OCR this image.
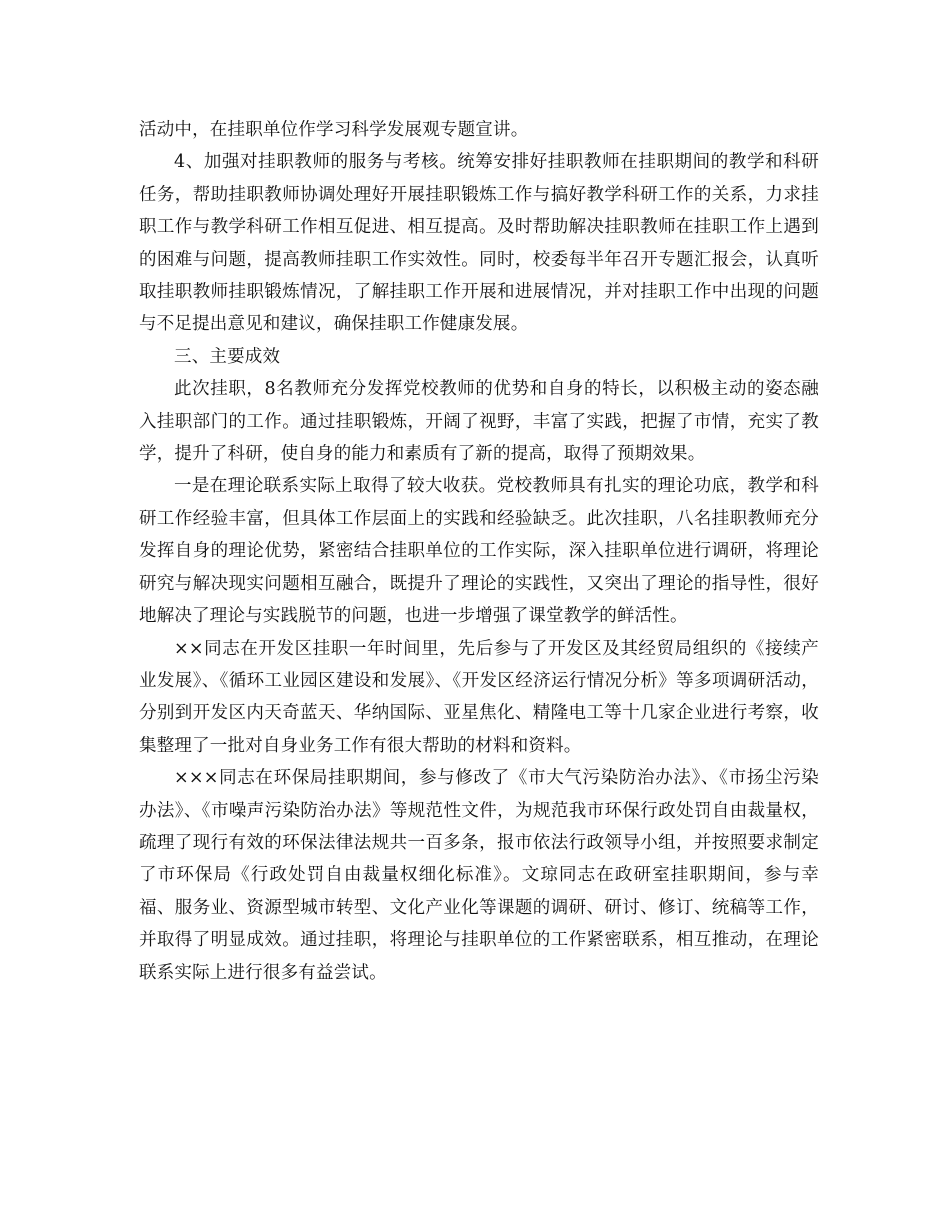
活动中，在挂职单位作学习科学发展观专题宣讲。

4、加强对挂职教师的服务与考核。统筹安排好挂职教师在挂职期间的教学和科研任务，帮助挂职教师协调处理好开展挂职锻炼工作与搞好教学科研工作的关系，力求挂职工作与教学科研工作相互促进、相互提高。及时帮助解决挂职教师在挂职工作上遇到的困难与问题，提高教师挂职工作实效性。同时，校委每半年召开专题汇报会，认真听取挂职教师挂职锻炼情况，了解挂职工作开展和进展情况，并对挂职工作中出现的问题与不足提出意见和建议，确保挂职工作健康发展。

三、主要成效

此次挂职，8名教师充分发挥党校教师的优势和自身的特长，以积极主动的姿态融入挂职部门的工作。通过挂职锻炼，开阔了视野，丰富了实践，把握了市情，充实了教学，提升了科研，使自身的能力和素质有了新的提高，取得了预期效果。

一是在理论联系实际上取得了较大收获。党校教师具有扎实的理论功底，教学和科研工作经验丰富，但具体工作层面上的实践和经验缺乏。此次挂职，八名挂职教师充分发挥自身的理论优势，紧密结合挂职单位的工作实际，深入挂职单位进行调研，将理论研究与解决现实问题相互融合，既提升了理论的实践性，又突出了理论的指导性，很好地解决了理论与实践脱节的问题，也进一步增强了课堂教学的鲜活性。

××同志在开发区挂职一年时间里，先后参与了开发区及其经贸局组织的《接续产业发展》、《循环工业园区建设和发展》、《开发区经济运行情况分析》等多项调研活动，分别到开发区内天奇蓝天、华纳国际、亚星焦化、精隆电工等十几家企业进行考察，收集整理了一批对自身业务工作有很大帮助的材料和资料。

×××同志在环保局挂职期间，参与修改了《市大气污染防治办法》、《市扬尘污染办法》、《市噪声污染防治办法》等规范性文件，为规范我市环保行政处罚自由裁量权，疏理了现行有效的环保法律法规共一百多条，报市依法行政领导小组，并按照要求制定了市环保局《行政处罚自由裁量权细化标准》。文琼同志在政研室挂职期间，参与幸福、服务业、资源型城市转型、文化产业化等课题的调研、研讨、修订、统稿等工作，并取得了明显成效。通过挂职，将理论与挂职单位的工作紧密联系，相互推动，在理论联系实际上进行很多有益尝试。
